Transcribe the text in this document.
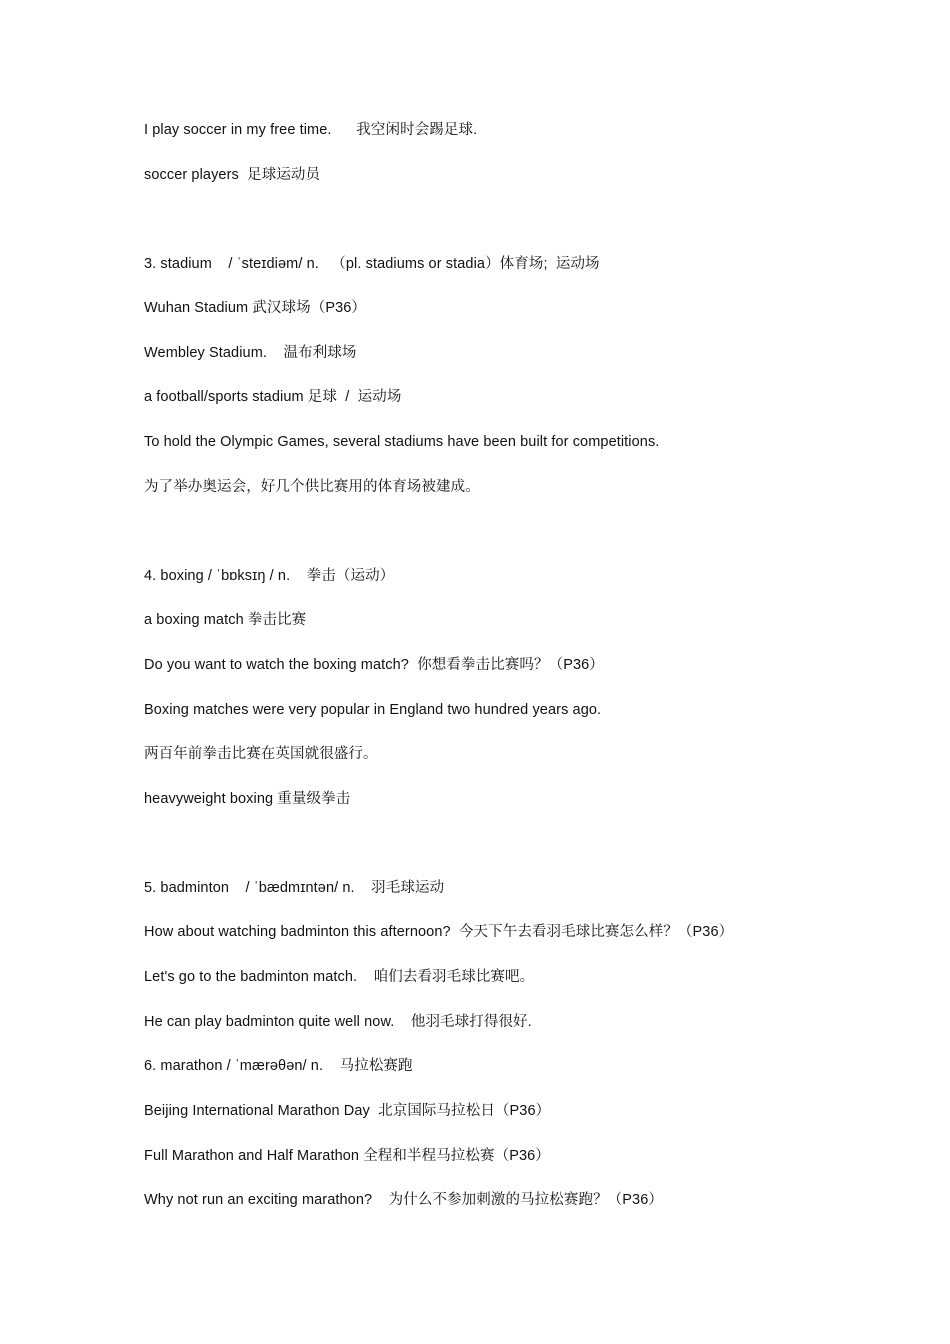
I play soccer in my free time.      我空闲时会踢足球.
soccer players  足球运动员
3. stadium    / ˈsteɪdiəm/ n.   （pl. stadiums or stadia）体育场;  运动场
Wuhan Stadium 武汉球场（P36）
Wembley Stadium.    温布利球场
a football/sports stadium 足球  /  运动场
To hold the Olympic Games, several stadiums have been built for competitions.
为了举办奥运会，好几个供比赛用的体育场被建成。
4. boxing / ˈbɒksɪŋ / n.    拳击（运动）
a boxing match 拳击比赛
Do you want to watch the boxing match?  你想看拳击比赛吗？（P36）
Boxing matches were very popular in England two hundred years ago.
两百年前拳击比赛在英国就很盛行。
heavyweight boxing 重量级拳击
5. badminton    / ˈbædmɪntən/ n.    羽毛球运动
How about watching badminton this afternoon?  今天下午去看羽毛球比赛怎么样？（P36）
Let's go to the badminton match.    咱们去看羽毛球比赛吧。
He can play badminton quite well now.    他羽毛球打得很好.
6. marathon / ˈmærəθən/ n.    马拉松赛跑
Beijing International Marathon Day  北京国际马拉松日（P36）
Full Marathon and Half Marathon 全程和半程马拉松赛（P36）
Why not run an exciting marathon?    为什么不参加刺激的马拉松赛跑？（P36）
